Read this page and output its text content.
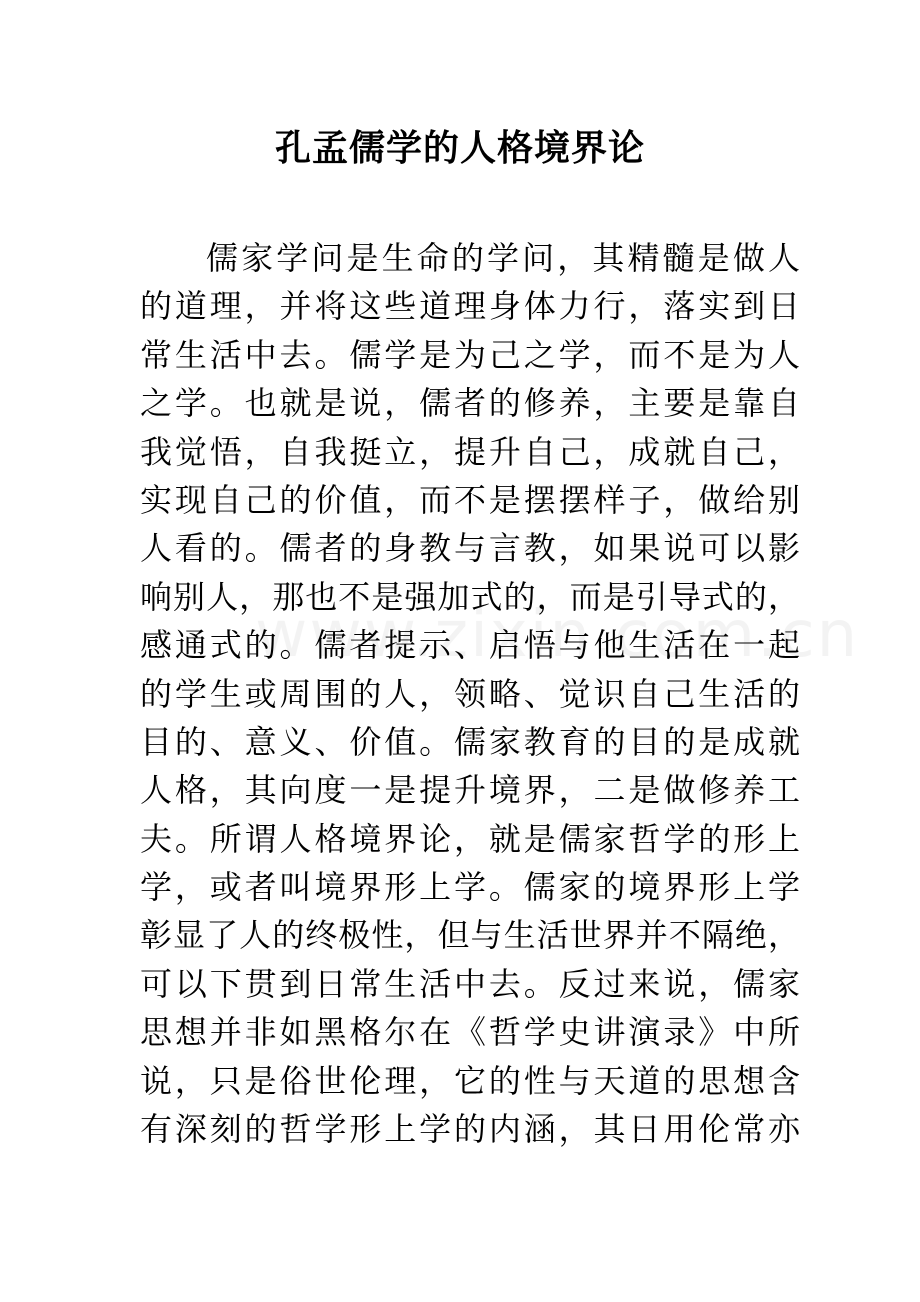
孔孟儒学的人格境界论
儒家学问是生命的学问，其精髓是做人
的道理，并将这些道理身体力行，落实到日
常生活中去。儒学是为己之学，而不是为人
之学。也就是说，儒者的修养，主要是靠自
我觉悟，自我挺立，提升自己，成就自己，
实现自己的价值，而不是摆摆样子，做给别
人看的。儒者的身教与言教，如果说可以影
响别人，那也不是强加式的，而是引导式的，
感通式的。儒者提示、启悟与他生活在一起
的学生或周围的人，领略、觉识自己生活的
目的、意义、价值。儒家教育的目的是成就
人格，其向度一是提升境界，二是做修养工
夫。所谓人格境界论，就是儒家哲学的形上
学，或者叫境界形上学。儒家的境界形上学
彰显了人的终极性，但与生活世界并不隔绝，
可以下贯到日常生活中去。反过来说，儒家
思想并非如黑格尔在《哲学史讲演录》中所
说，只是俗世伦理，它的性与天道的思想含
有深刻的哲学形上学的内涵，其日用伦常亦
